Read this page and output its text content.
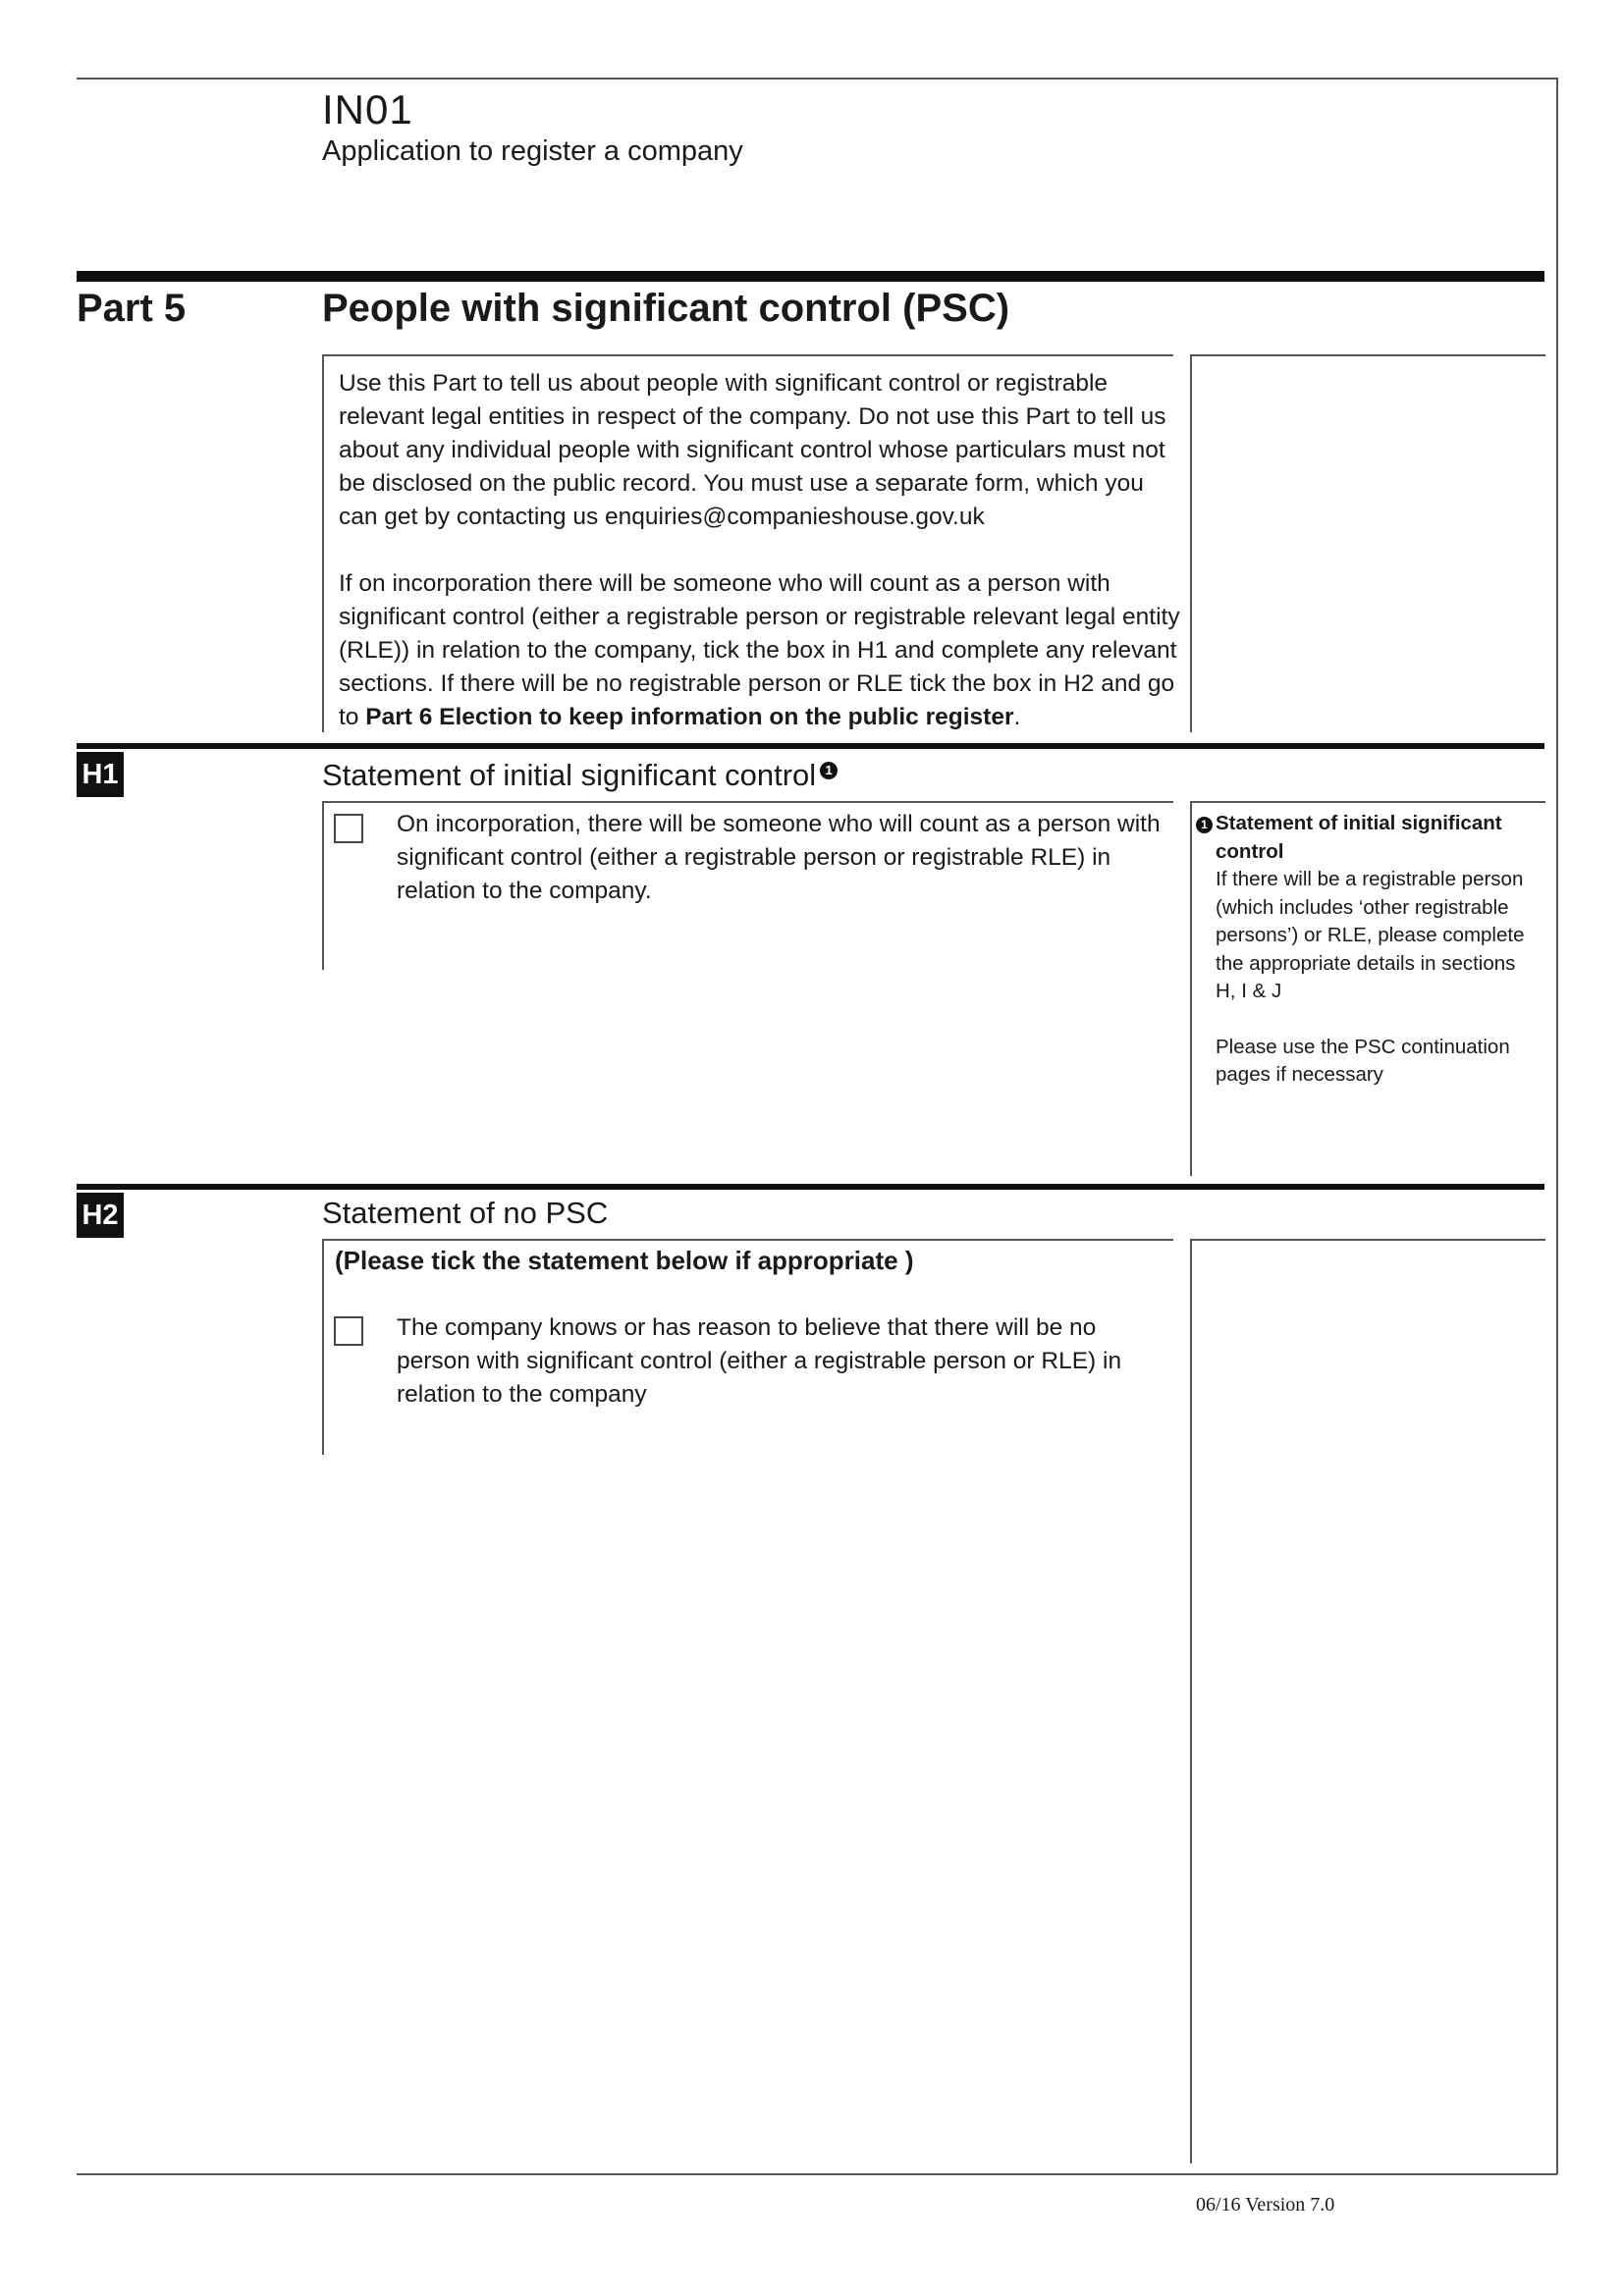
IN01
Application to register a company
Part 5	People with significant control (PSC)

Use this Part to tell us about people with significant control or registrable relevant legal entities in respect of the company. Do not use this Part to tell us about any individual people with significant control whose particulars must not be disclosed on the public record. You must use a separate form, which you can get by contacting us enquiries@companieshouse.gov.uk

If on incorporation there will be someone who will count as a person with significant control (either a registrable person or registrable relevant legal entity (RLE)) in relation to the company, tick the box in H1 and complete any relevant sections. If there will be no registrable person or RLE tick the box in H2 and go to Part 6 Election to keep information on the public register.

H1	Statement of initial significant control 1
On incorporation, there will be someone who will count as a person with significant control (either a registrable person or registrable RLE) in relation to the company.

1 Statement of initial significant control

If there will be a registrable person (which includes ‘other registrable persons’) or RLE, please complete the appropriate details in sections H, I & J

Please use the PSC continuation pages if necessary

H2	Statement of no PSC
(Please tick the statement below if appropriate )
The company knows or has reason to believe that there will be no person with significant control (either a registrable person or RLE) in relation to the company
06/16 Version 7.0
